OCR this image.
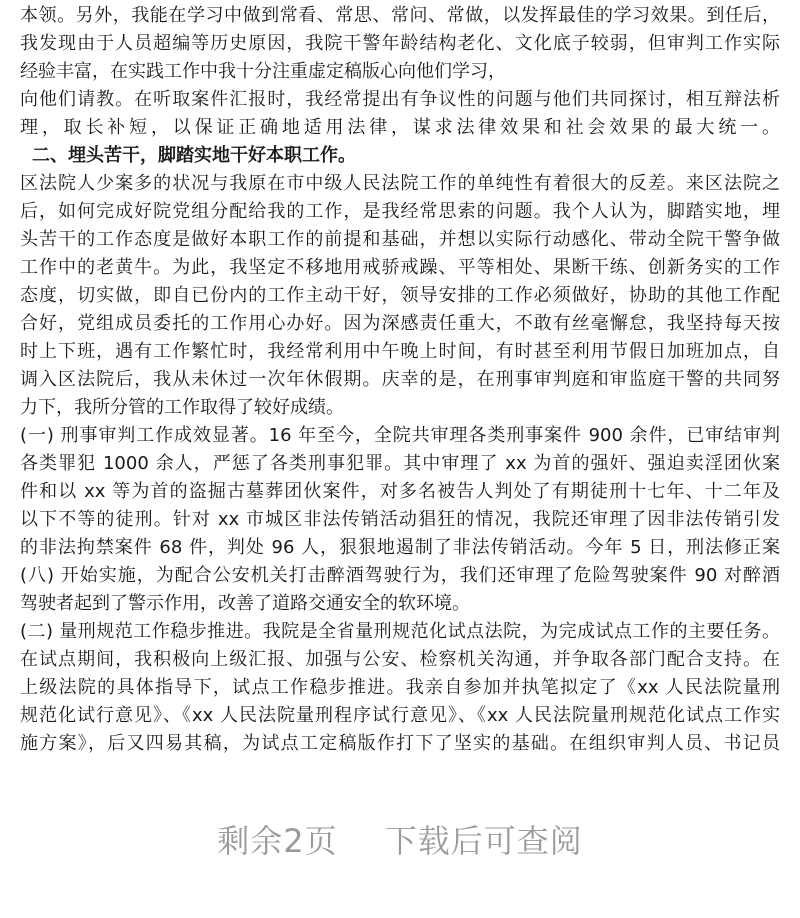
本领。另外，我能在学习中做到常看、常思、常问、常做，以发挥最佳的学习效果。到任后，
我发现由于人员超编等历史原因，我院干警年龄结构老化、文化底子较弱，但审判工作实际
经验丰富，在实践工作中我十分注重虚定稿版心向他们学习，
向他们请教。在听取案件汇报时，我经常提出有争议性的问题与他们共同探讨，相互辩法析
理，取长补短，以保证正确地适用法律，谋求法律效果和社会效果的最大统一。
二、埋头苦干，脚踏实地干好本职工作。
区法院人少案多的状况与我原在市中级人民法院工作的单纯性有着很大的反差。来区法院之
后，如何完成好院党组分配给我的工作，是我经常思索的问题。我个人认为，脚踏实地，埋
头苦干的工作态度是做好本职工作的前提和基础，并想以实际行动感化、带动全院干警争做
工作中的老黄牛。为此，我坚定不移地用戒骄戒躁、平等相处、果断干练、创新务实的工作
态度，切实做，即自已份内的工作主动干好，领导安排的工作必须做好，协助的其他工作配
合好，党组成员委托的工作用心办好。因为深感责任重大，不敢有丝毫懈怠，我坚持每天按
时上下班，遇有工作繁忙时，我经常利用中午晚上时间，有时甚至利用节假日加班加点，自
调入区法院后，我从未休过一次年休假期。庆幸的是，在刑事审判庭和审监庭干警的共同努
力下，我所分管的工作取得了较好成绩。
(一) 刑事审判工作成效显著。16 年至今，全院共审理各类刑事案件 900 余件，已审结审判
各类罪犯 1000 余人，严惩了各类刑事犯罪。其中审理了 xx 为首的强奸、强迫卖淫团伙案
件和以 xx 等为首的盗掘古墓葬团伙案件，对多名被告人判处了有期徒刑十七年、十二年及
以下不等的徒刑。针对 xx 市城区非法传销活动猖狂的情况，我院还审理了因非法传销引发
的非法拘禁案件 68 件，判处 96 人，狠狠地遏制了非法传销活动。今年 5 日，刑法修正案
(八) 开始实施，为配合公安机关打击醉酒驾驶行为，我们还审理了危险驾驶案件 90 对醉酒
驾驶者起到了警示作用，改善了道路交通安全的软环境。
(二) 量刑规范工作稳步推进。我院是全省量刑规范化试点法院，为完成试点工作的主要任务。
在试点期间，我积极向上级汇报、加强与公安、检察机关沟通，并争取各部门配合支持。在
上级法院的具体指导下，试点工作稳步推进。我亲自参加并执笔拟定了《xx 人民法院量刑
规范化试行意见》、《xx 人民法院量刑程序试行意见》、《xx 人民法院量刑规范化试点工作实
施方案》，后又四易其稿，为试点工定稿版作打下了坚实的基础。在组织审判人员、书记员
剩余2页 下载后可查阅
